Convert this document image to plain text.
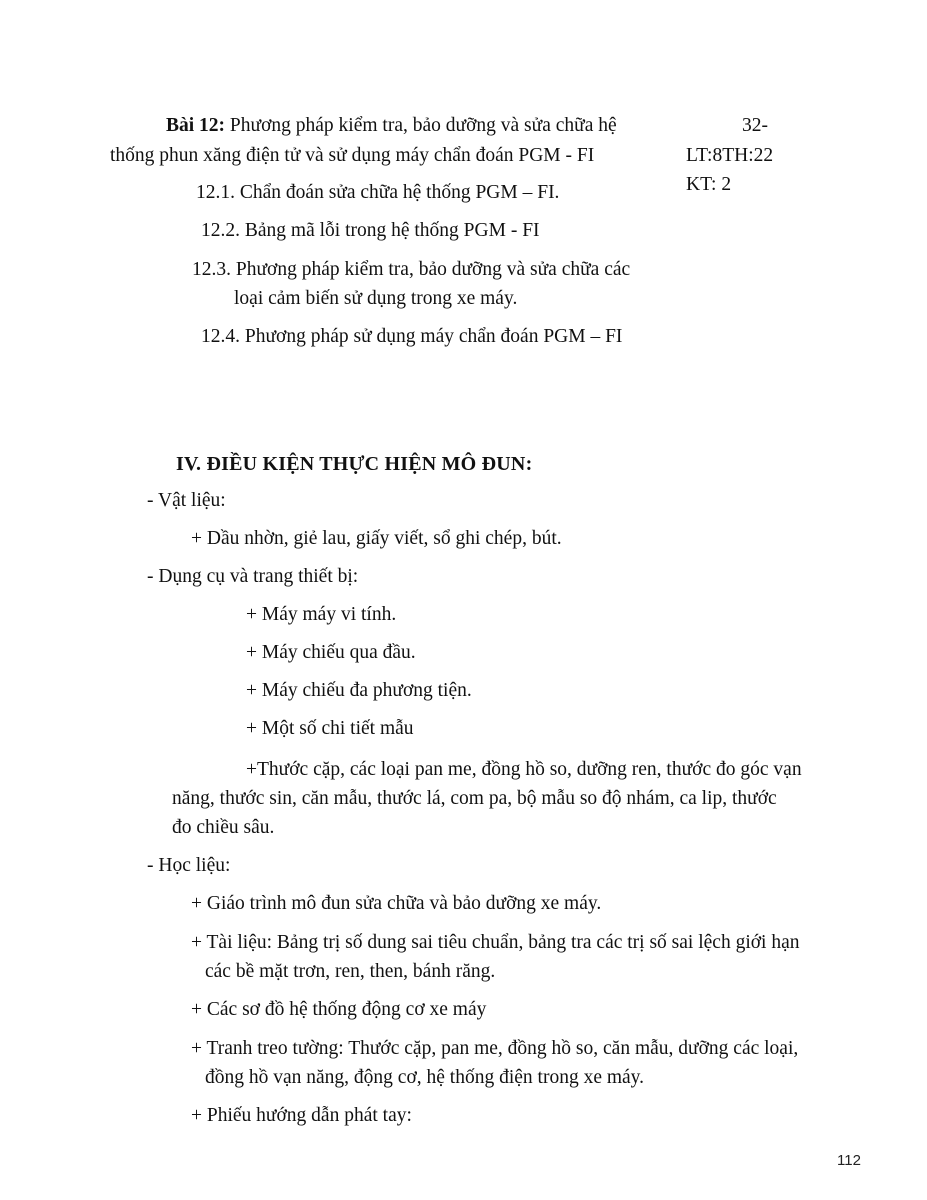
Bài 12: Phương pháp kiểm tra, bảo dưỡng và sửa chữa hệ
thống phun xăng điện tử và sử dụng máy chẩn đoán PGM - FI
32-
LT:8TH:22
KT: 2
12.1. Chẩn đoán sửa chữa hệ thống PGM – FI.
12.2. Bảng mã lỗi trong hệ thống PGM - FI
12.3. Phương pháp kiểm tra, bảo dưỡng và sửa chữa các
loại cảm biến sử dụng trong xe máy.
12.4. Phương pháp sử dụng máy chẩn đoán PGM – FI
IV. ĐIỀU KIỆN THỰC HIỆN MÔ ĐUN:
- Vật liệu:
+ Dầu nhờn, giẻ lau, giấy viết, sổ ghi chép, bút.
- Dụng cụ và trang thiết bị:
+ Máy máy vi tính.
+ Máy chiếu qua đầu.
+ Máy chiếu đa phương tiện.
+ Một số chi tiết mẫu
+Thước cặp, các loại pan me, đồng hồ so, dưỡng ren, thước đo góc vạn
năng, thước sin, căn mẫu, thước lá, com pa, bộ mẫu so độ nhám, ca lip, thước
đo chiều sâu.
- Học liệu:
+ Giáo trình mô đun sửa chữa và bảo dưỡng xe máy.
+ Tài liệu: Bảng trị số dung sai tiêu chuẩn, bảng tra các trị số sai lệch giới hạn
các bề mặt trơn, ren, then, bánh răng.
+ Các sơ đồ hệ thống động cơ xe máy
+ Tranh treo tường: Thước cặp, pan me, đồng hồ so, căn mẫu, dưỡng các loại,
đồng hồ vạn năng, động cơ, hệ thống điện trong xe máy.
+ Phiếu hướng dẫn phát tay:
112
